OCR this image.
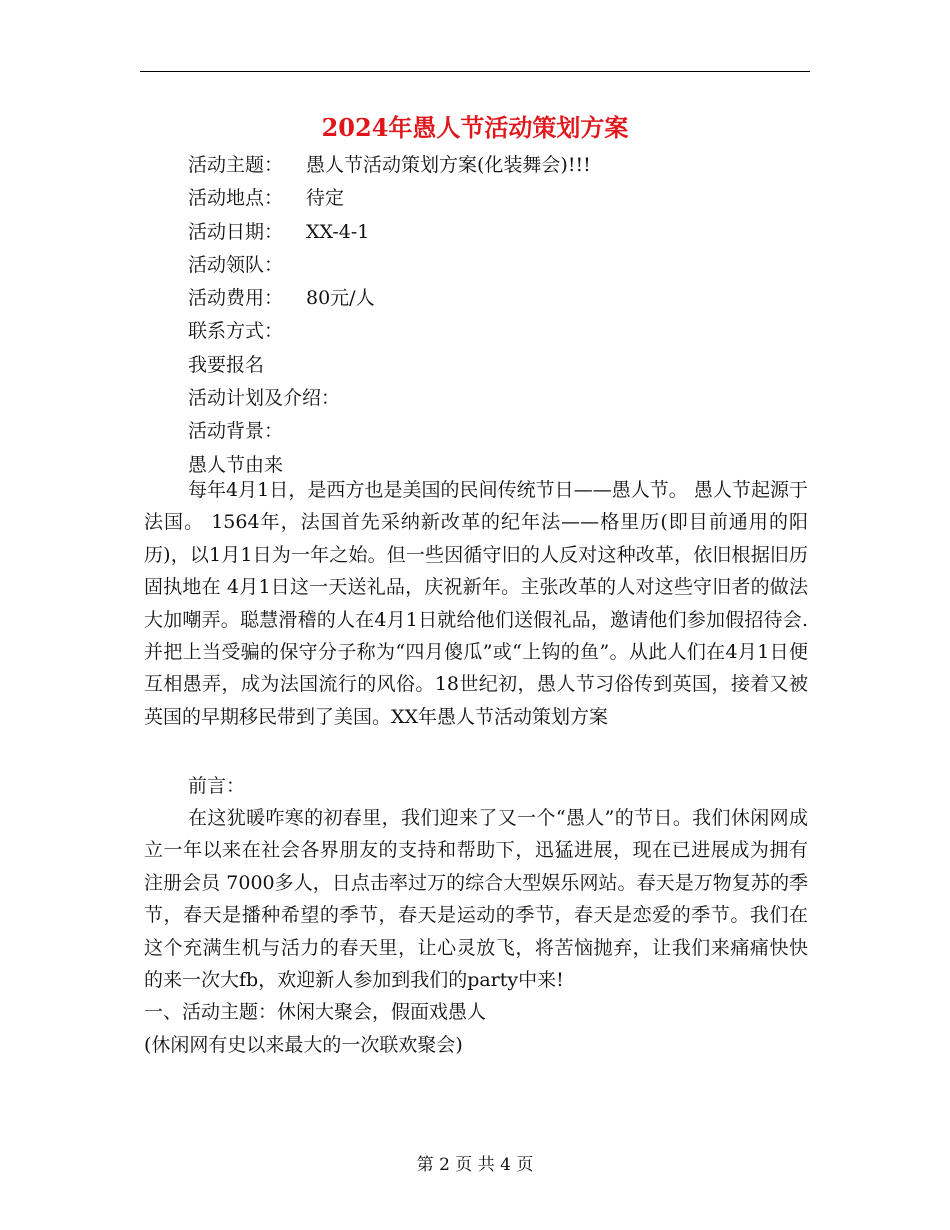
2024年愚人节活动策划方案
活动主题： 愚人节活动策划方案(化装舞会)!!!
活动地点： 待定
活动日期： XX-4-1
活动领队：
活动费用： 80元/人
联系方式：
我要报名
活动计划及介绍：
活动背景：
愚人节由来

每年4月1日，是西方也是美国的民间传统节日——愚人节。 愚人节起源于法国。 1564年，法国首先采纳新改革的纪年法——格里历(即目前通用的阳历)，以1月1日为一年之始。但一些因循守旧的人反对这种改革，依旧根据旧历固执地在 4月1日这一天送礼品，庆祝新年。主张改革的人对这些守旧者的做法大加嘲弄。聪慧滑稽的人在4月1日就给他们送假礼品，邀请他们参加假招待会.并把上当受骗的保守分子称为“四月傻瓜”或“上钩的鱼”。从此人们在4月1日便互相愚弄，成为法国流行的风俗。18世纪初，愚人节习俗传到英国，接着又被英国的早期移民带到了美国。XX年愚人节活动策划方案

前言：

在这犹暖咋寒的初春里，我们迎来了又一个“愚人”的节日。我们休闲网成立一年以来在社会各界朋友的支持和帮助下，迅猛进展，现在已进展成为拥有注册会员 7000多人，日点击率过万的综合大型娱乐网站。春天是万物复苏的季节，春天是播种希望的季节，春天是运动的季节，春天是恋爱的季节。我们在这个充满生机与活力的春天里，让心灵放飞，将苦恼抛弃，让我们来痛痛快快的来一次大fb，欢迎新人参加到我们的party中来!
一、活动主题：休闲大聚会，假面戏愚人
(休闲网有史以来最大的一次联欢聚会)

第 2 页 共 4 页
